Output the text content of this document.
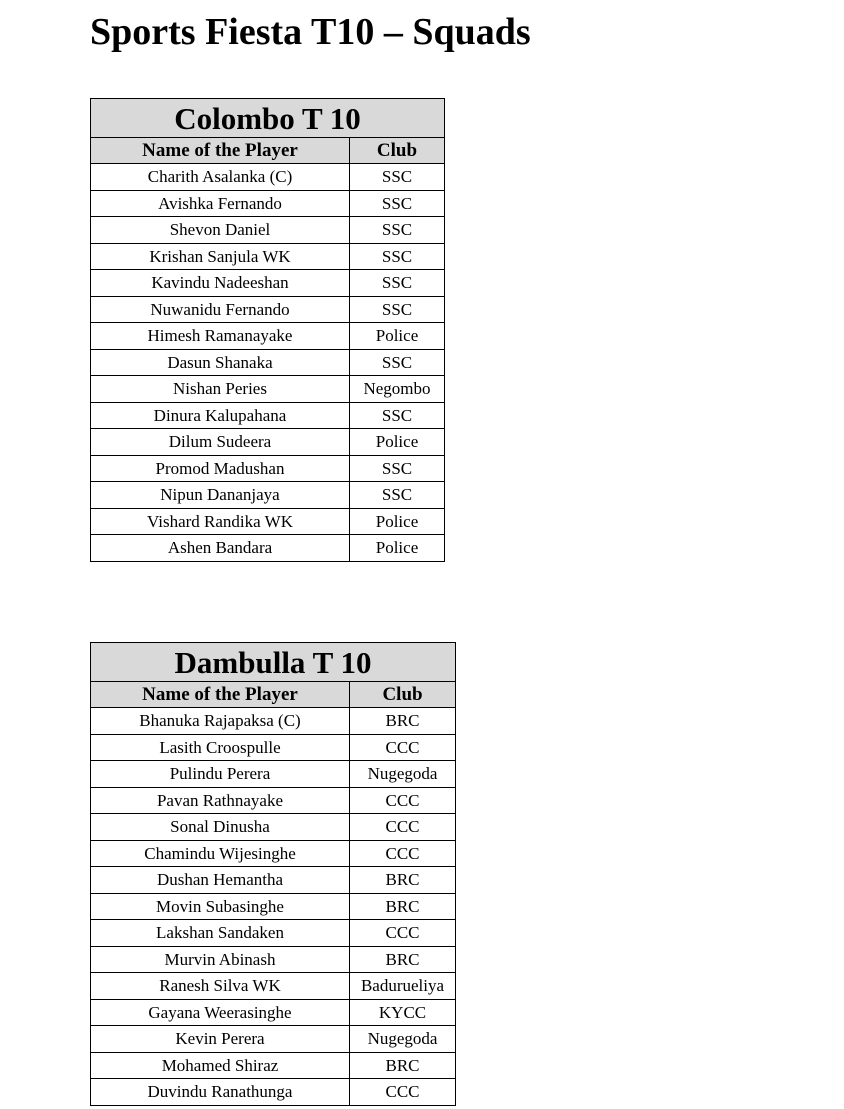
Sports Fiesta T10 – Squads
Colombo T 10	
Name of the Player	Club
Charith Asalanka (C)	SSC
Avishka Fernando	SSC
Shevon Daniel	SSC
Krishan Sanjula WK	SSC
Kavindu Nadeeshan	SSC
Nuwanidu Fernando	SSC
Himesh Ramanayake	Police
Dasun Shanaka	SSC
Nishan Peries	Negombo
Dinura Kalupahana	SSC
Dilum Sudeera	Police
Promod Madushan	SSC
Nipun Dananjaya	SSC
Vishard Randika WK	Police
Ashen Bandara	Police
Dambulla T 10	
Name of the Player	Club
Bhanuka Rajapaksa (C)	BRC
Lasith Croospulle	CCC
Pulindu Perera	Nugegoda
Pavan Rathnayake	CCC
Sonal Dinusha	CCC
Chamindu Wijesinghe	CCC
Dushan Hemantha	BRC
Movin Subasinghe	BRC
Lakshan Sandaken	CCC
Murvin Abinash	BRC
Ranesh Silva WK	Badurueliya
Gayana Weerasinghe	KYCC
Kevin Perera	Nugegoda
Mohamed Shiraz	BRC
Duvindu Ranathunga	CCC
